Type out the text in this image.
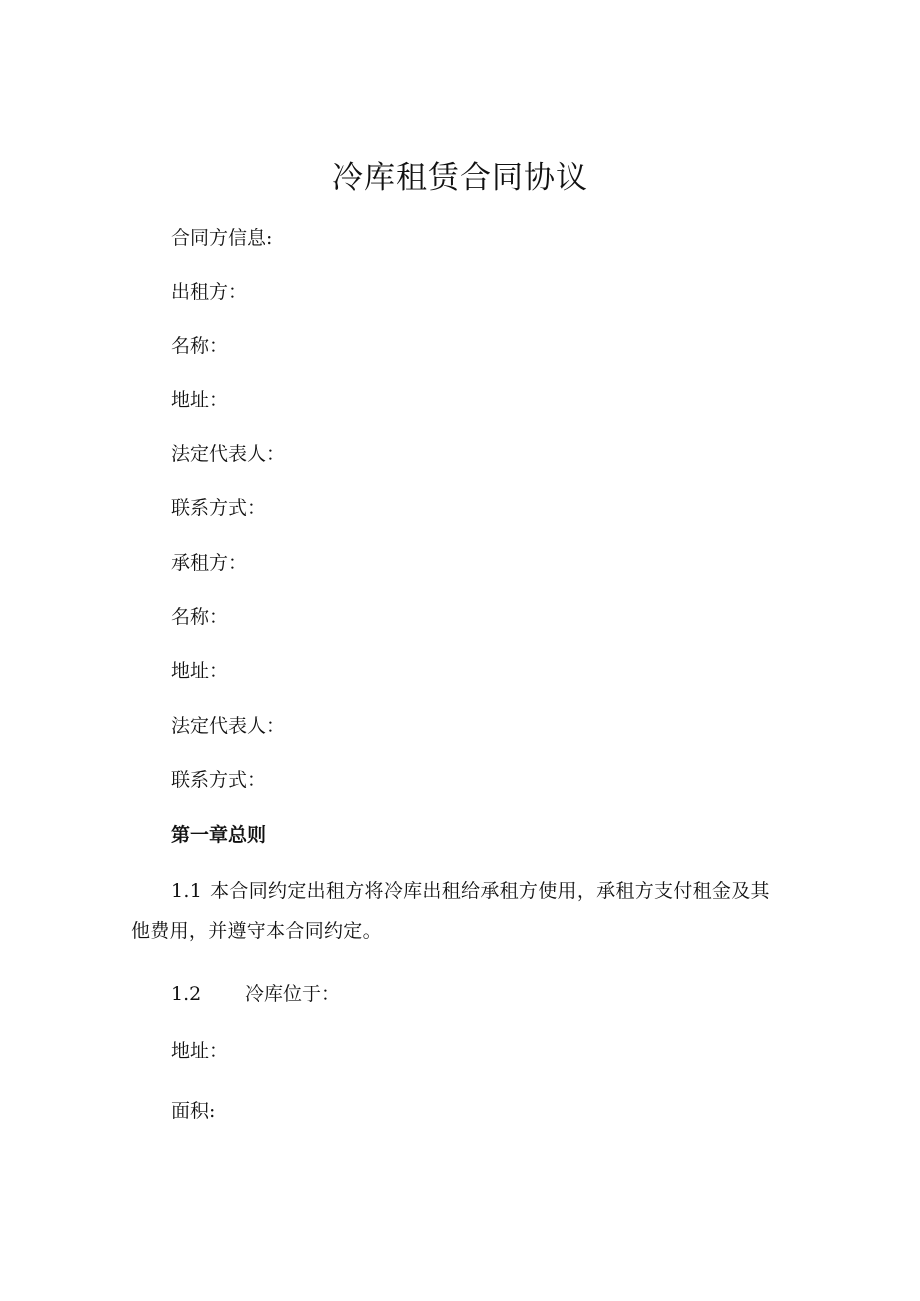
冷库租赁合同协议
合同方信息:
出租方：
名称：
地址：
法定代表人：
联系方式：
承租方：
名称：
地址：
法定代表人：
联系方式：
第一章总则
1.1 本合同约定出租方将冷库出租给承租方使用，承租方支付租金及其他费用，并遵守本合同约定。
1.2 冷库位于：
地址：
面积:
